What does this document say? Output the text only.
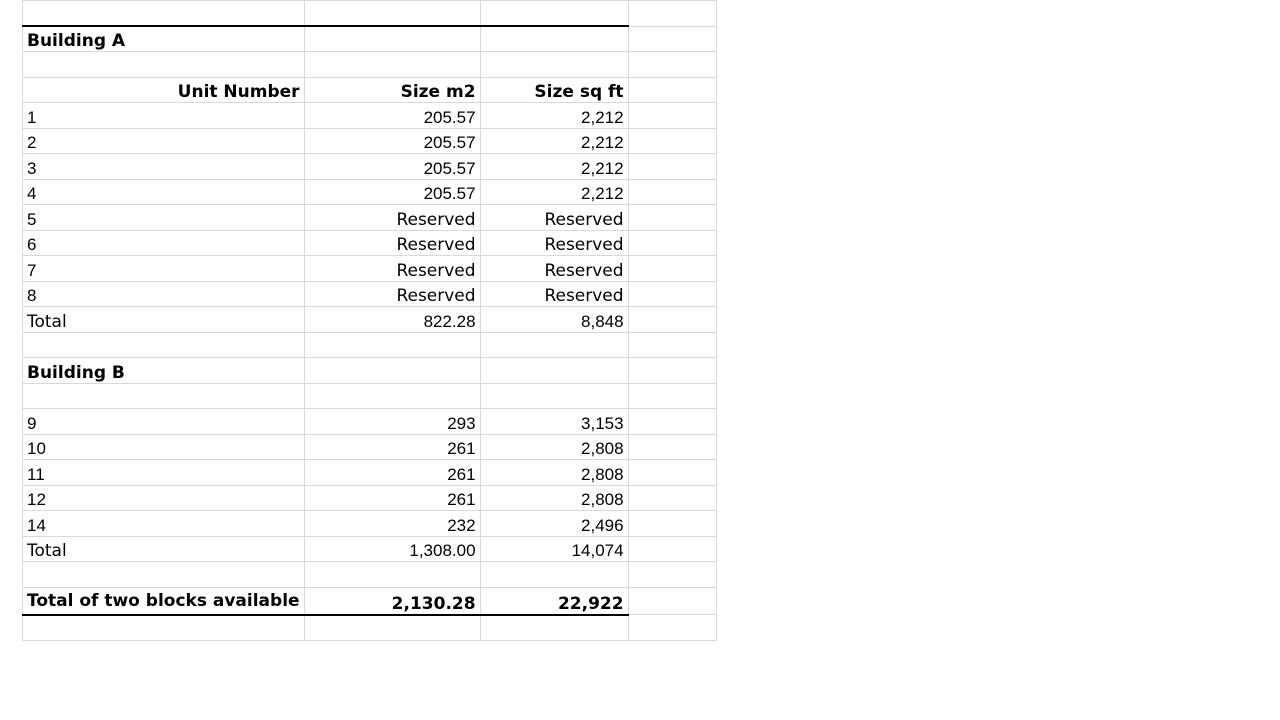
Building A			

Unit Number	Size m2	Size sq ft	
1	205.57	2,212	
2	205.57	2,212	
3	205.57	2,212	
4	205.57	2,212	
5	Reserved	Reserved	
6	Reserved	Reserved	
7	Reserved	Reserved	
8	Reserved	Reserved	
Total	822.28	8,848	

Building B			

9	293	3,153	
10	261	2,808	
11	261	2,808	
12	261	2,808	
14	232	2,496	
Total	1,308.00	14,074	

Total of two blocks available	2,130.28	22,922	
